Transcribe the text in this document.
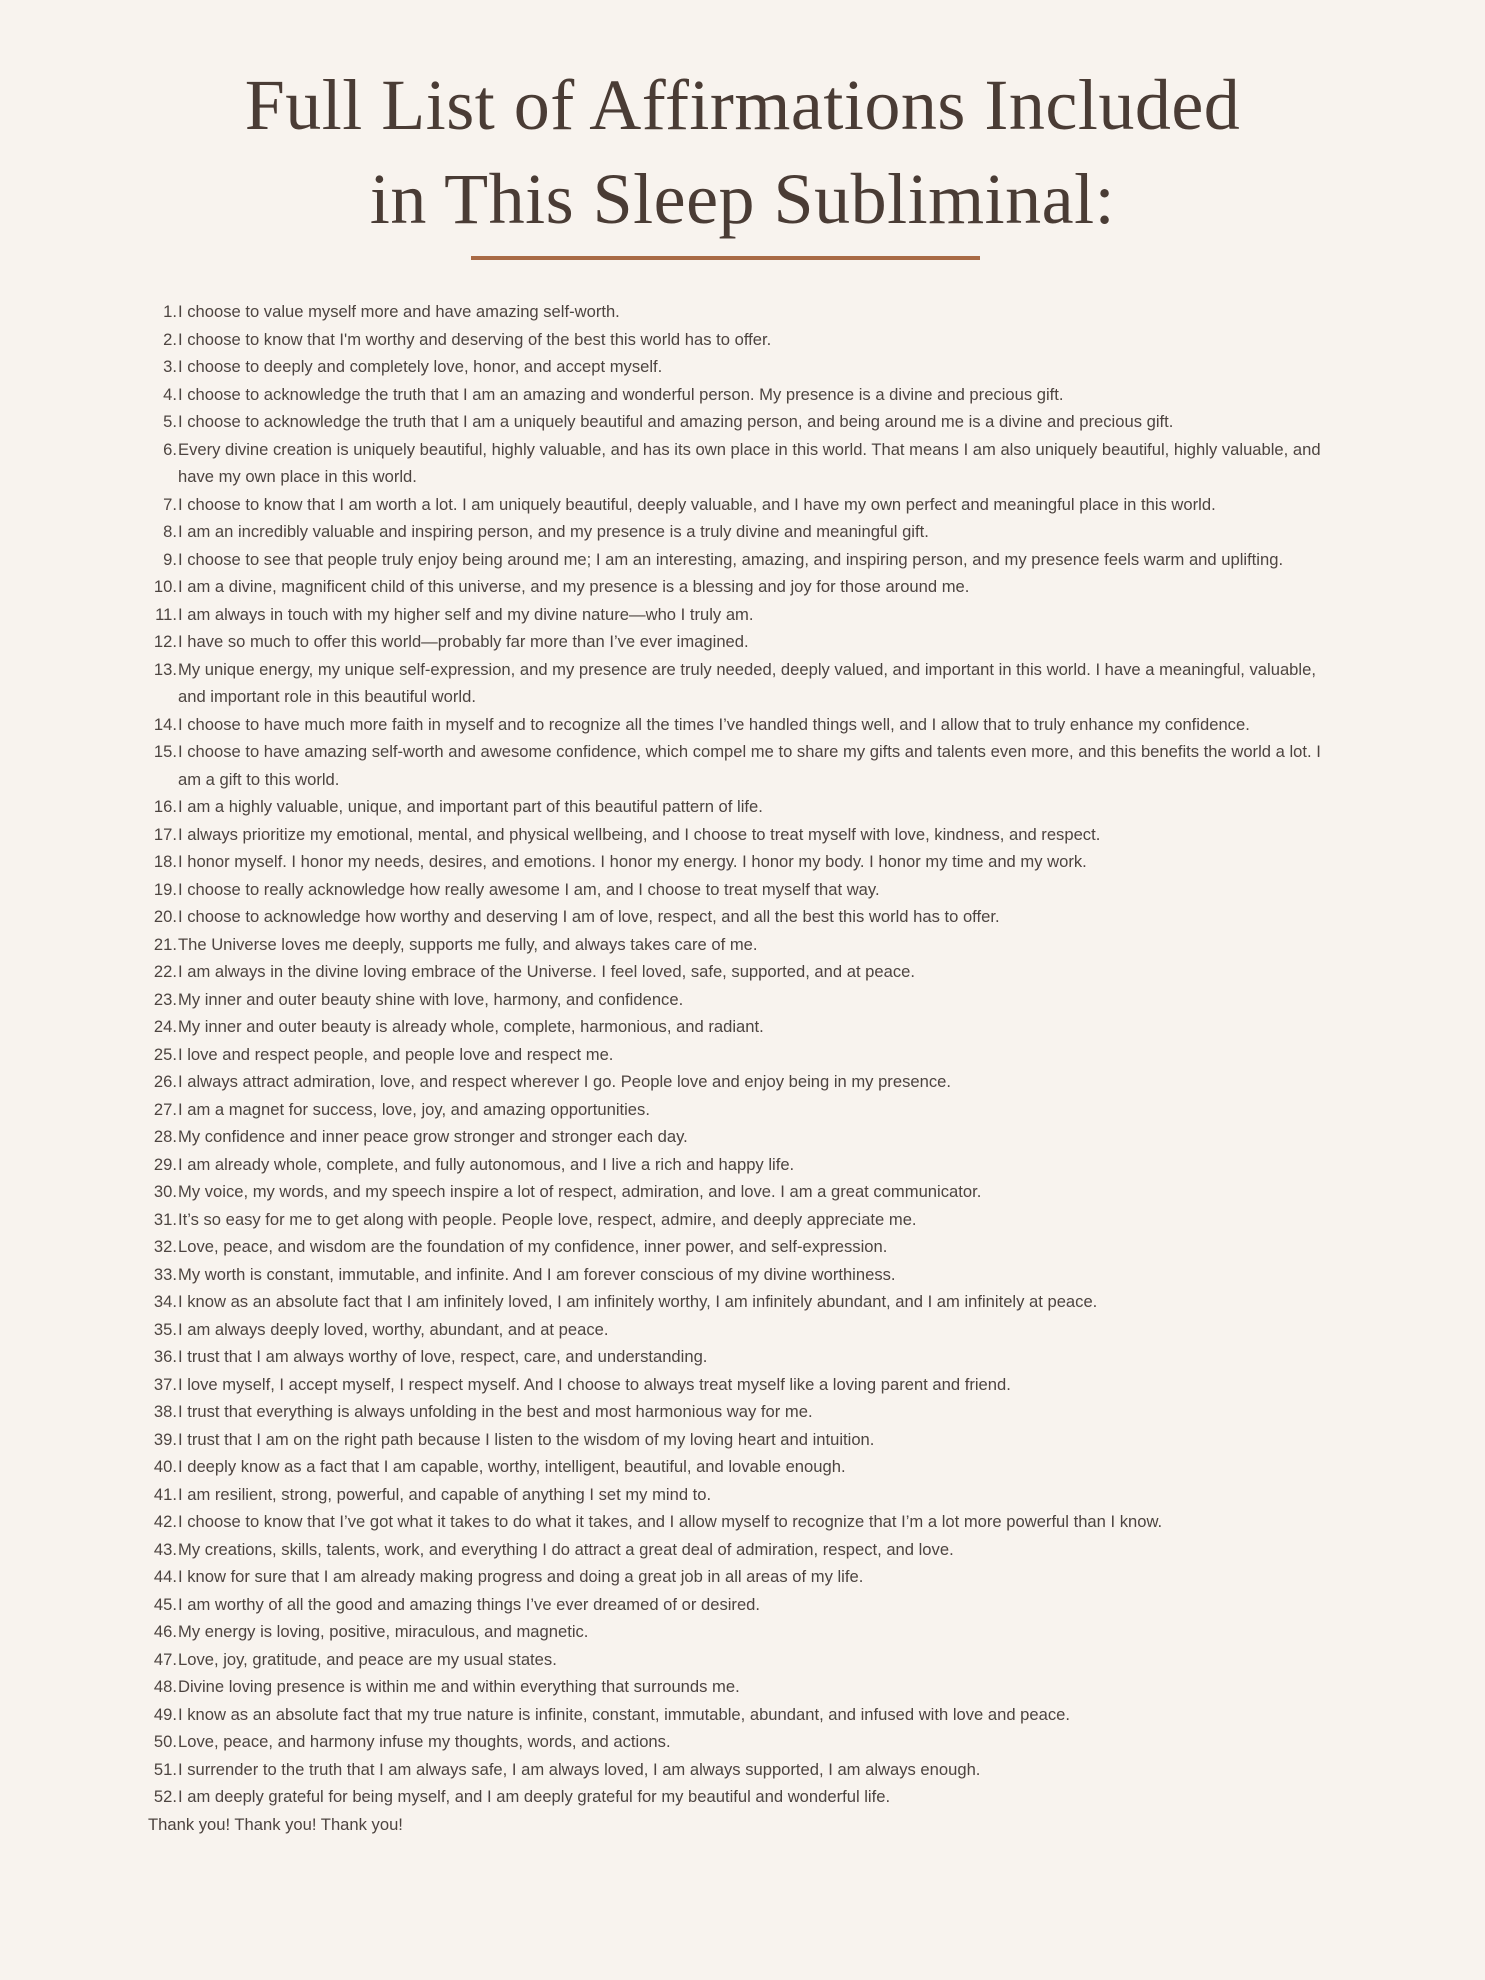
Full List of Affirmations Included
in This Sleep Subliminal:
1. I choose to value myself more and have amazing self-worth.
2. I choose to know that I'm worthy and deserving of the best this world has to offer.
3. I choose to deeply and completely love, honor, and accept myself.
4. I choose to acknowledge the truth that I am an amazing and wonderful person. My presence is a divine and precious gift.
5. I choose to acknowledge the truth that I am a uniquely beautiful and amazing person, and being around me is a divine and precious gift.
6. Every divine creation is uniquely beautiful, highly valuable, and has its own place in this world. That means I am also uniquely beautiful, highly valuable, and have my own place in this world.
7. I choose to know that I am worth a lot. I am uniquely beautiful, deeply valuable, and I have my own perfect and meaningful place in this world.
8. I am an incredibly valuable and inspiring person, and my presence is a truly divine and meaningful gift.
9. I choose to see that people truly enjoy being around me; I am an interesting, amazing, and inspiring person, and my presence feels warm and uplifting.
10. I am a divine, magnificent child of this universe, and my presence is a blessing and joy for those around me.
11. I am always in touch with my higher self and my divine nature—who I truly am.
12. I have so much to offer this world—probably far more than I’ve ever imagined.
13. My unique energy, my unique self-expression, and my presence are truly needed, deeply valued, and important in this world. I have a meaningful, valuable, and important role in this beautiful world.
14. I choose to have much more faith in myself and to recognize all the times I’ve handled things well, and I allow that to truly enhance my confidence.
15. I choose to have amazing self-worth and awesome confidence, which compel me to share my gifts and talents even more, and this benefits the world a lot. I am a gift to this world.
16. I am a highly valuable, unique, and important part of this beautiful pattern of life.
17. I always prioritize my emotional, mental, and physical wellbeing, and I choose to treat myself with love, kindness, and respect.
18. I honor myself. I honor my needs, desires, and emotions. I honor my energy. I honor my body. I honor my time and my work.
19. I choose to really acknowledge how really awesome I am, and I choose to treat myself that way.
20. I choose to acknowledge how worthy and deserving I am of love, respect, and all the best this world has to offer.
21. The Universe loves me deeply, supports me fully, and always takes care of me.
22. I am always in the divine loving embrace of the Universe. I feel loved, safe, supported, and at peace.
23. My inner and outer beauty shine with love, harmony, and confidence.
24. My inner and outer beauty is already whole, complete, harmonious, and radiant.
25. I love and respect people, and people love and respect me.
26. I always attract admiration, love, and respect wherever I go. People love and enjoy being in my presence.
27. I am a magnet for success, love, joy, and amazing opportunities.
28. My confidence and inner peace grow stronger and stronger each day.
29. I am already whole, complete, and fully autonomous, and I live a rich and happy life.
30. My voice, my words, and my speech inspire a lot of respect, admiration, and love. I am a great communicator.
31. It’s so easy for me to get along with people. People love, respect, admire, and deeply appreciate me.
32. Love, peace, and wisdom are the foundation of my confidence, inner power, and self-expression.
33. My worth is constant, immutable, and infinite. And I am forever conscious of my divine worthiness.
34. I know as an absolute fact that I am infinitely loved, I am infinitely worthy, I am infinitely abundant, and I am infinitely at peace.
35. I am always deeply loved, worthy, abundant, and at peace.
36. I trust that I am always worthy of love, respect, care, and understanding.
37. I love myself, I accept myself, I respect myself. And I choose to always treat myself like a loving parent and friend.
38. I trust that everything is always unfolding in the best and most harmonious way for me.
39. I trust that I am on the right path because I listen to the wisdom of my loving heart and intuition.
40. I deeply know as a fact that I am capable, worthy, intelligent, beautiful, and lovable enough.
41. I am resilient, strong, powerful, and capable of anything I set my mind to.
42. I choose to know that I’ve got what it takes to do what it takes, and I allow myself to recognize that I’m a lot more powerful than I know.
43. My creations, skills, talents, work, and everything I do attract a great deal of admiration, respect, and love.
44. I know for sure that I am already making progress and doing a great job in all areas of my life.
45. I am worthy of all the good and amazing things I’ve ever dreamed of or desired.
46. My energy is loving, positive, miraculous, and magnetic.
47. Love, joy, gratitude, and peace are my usual states.
48. Divine loving presence is within me and within everything that surrounds me.
49. I know as an absolute fact that my true nature is infinite, constant, immutable, abundant, and infused with love and peace.
50. Love, peace, and harmony infuse my thoughts, words, and actions.
51. I surrender to the truth that I am always safe, I am always loved, I am always supported, I am always enough.
52. I am deeply grateful for being myself, and I am deeply grateful for my beautiful and wonderful life.

Thank you! Thank you! Thank you!
